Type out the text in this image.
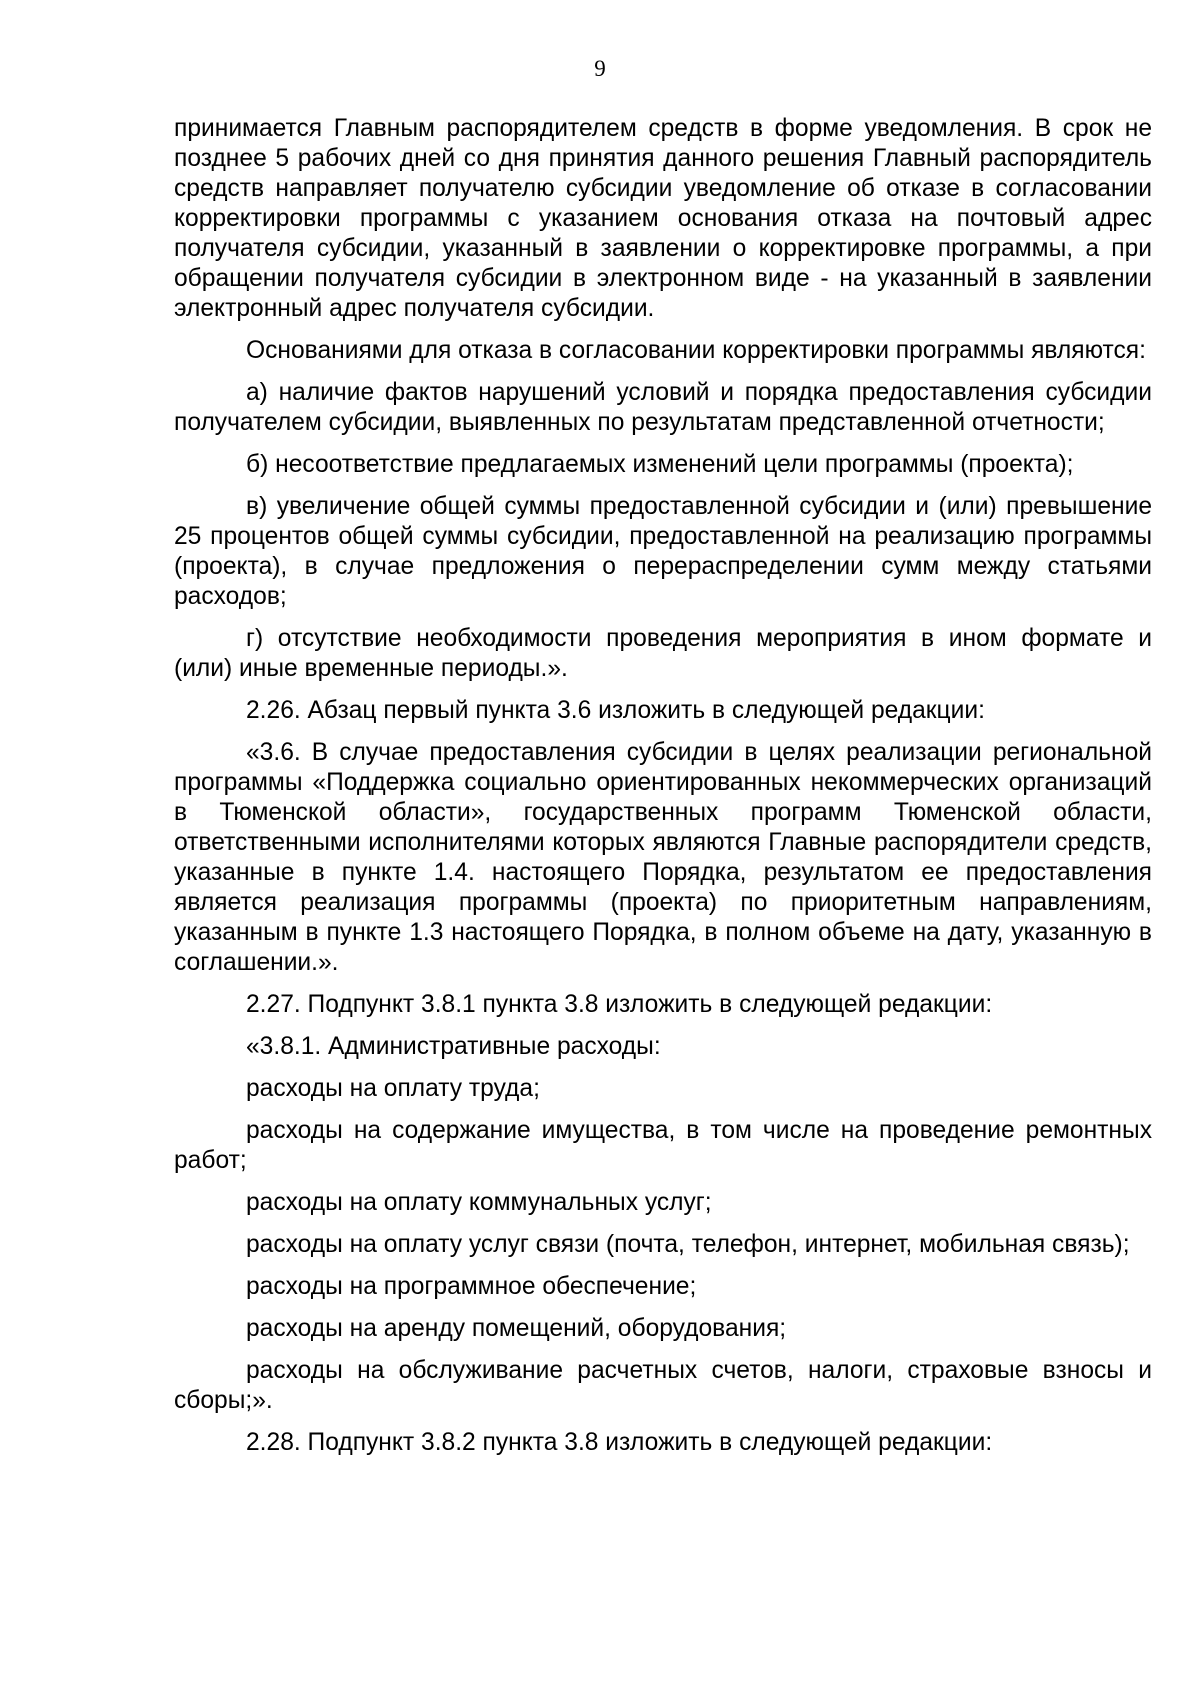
9

принимается Главным распорядителем средств в форме уведомления. В срок не позднее 5 рабочих дней со дня принятия данного решения Главный распорядитель средств направляет получателю субсидии уведомление об отказе в согласовании корректировки программы с указанием основания отказа на почтовый адрес получателя субсидии, указанный в заявлении о корректировке программы, а при обращении получателя субсидии в электронном виде - на указанный в заявлении электронный адрес получателя субсидии.

Основаниями для отказа в согласовании корректировки программы являются:

а) наличие фактов нарушений условий и порядка предоставления субсидии получателем субсидии, выявленных по результатам представленной отчетности;

б) несоответствие предлагаемых изменений цели программы (проекта);

в) увеличение общей суммы предоставленной субсидии и (или) превышение 25 процентов общей суммы субсидии, предоставленной на реализацию программы (проекта), в случае предложения о перераспределении сумм между статьями расходов;

г) отсутствие необходимости проведения мероприятия в ином формате и (или) иные временные периоды.».

2.26. Абзац первый пункта 3.6 изложить в следующей редакции:

«3.6. В случае предоставления субсидии в целях реализации региональной программы «Поддержка социально ориентированных некоммерческих организаций в Тюменской области», государственных программ Тюменской области, ответственными исполнителями которых являются Главные распорядители средств, указанные в пункте 1.4. настоящего Порядка, результатом ее предоставления является реализация программы (проекта) по приоритетным направлениям, указанным в пункте 1.3 настоящего Порядка, в полном объеме на дату, указанную в соглашении.».

2.27. Подпункт 3.8.1 пункта 3.8 изложить в следующей редакции:

«3.8.1. Административные расходы:

расходы на оплату труда;

расходы на содержание имущества, в том числе на проведение ремонтных работ;

расходы на оплату коммунальных услуг;

расходы на оплату услуг связи (почта, телефон, интернет, мобильная связь);

расходы на программное обеспечение;

расходы на аренду помещений, оборудования;

расходы на обслуживание расчетных счетов, налоги, страховые взносы и сборы;».

2.28. Подпункт 3.8.2 пункта 3.8 изложить в следующей редакции:
